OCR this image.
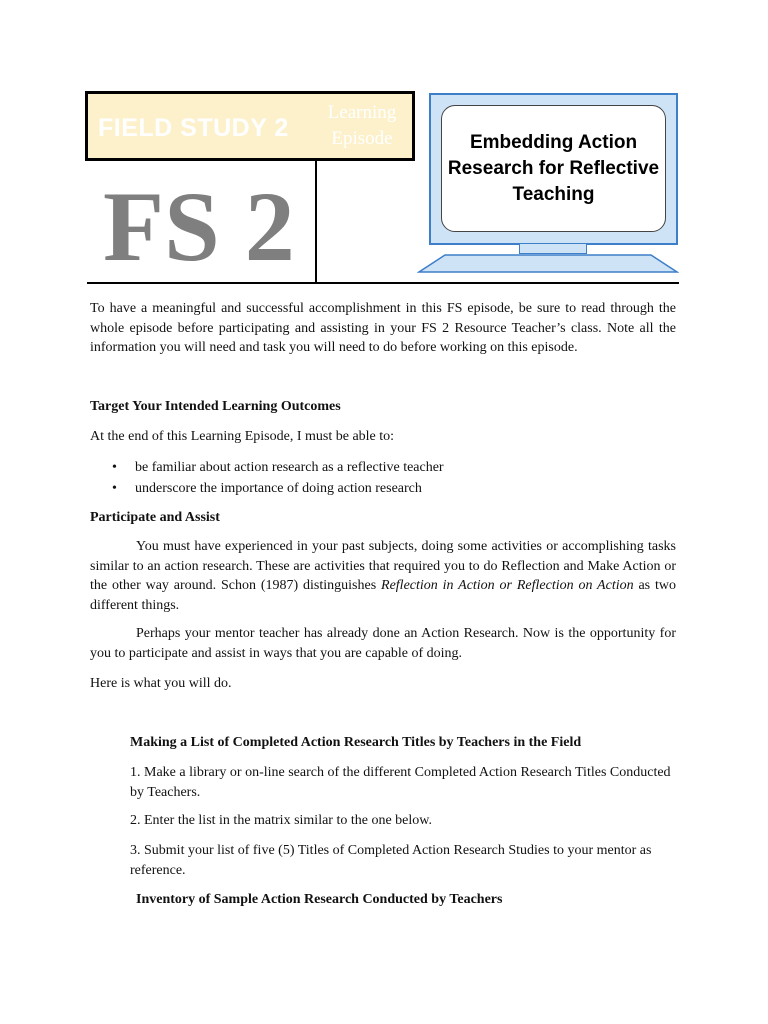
FIELD STUDY 2
Learning Episode
FS 2
Embedding Action Research for Reflective Teaching
To have a meaningful and successful accomplishment in this FS episode, be sure to read through the whole episode before participating and assisting in your FS 2 Resource Teacher’s class. Note all the information you will need and task you will need to do before working on this episode.
Target Your Intended Learning Outcomes
At the end of this Learning Episode, I must be able to:
• be familiar about action research as a reflective teacher
• underscore the importance of doing action research
Participate and Assist
You must have experienced in your past subjects, doing some activities or accomplishing tasks similar to an action research. These are activities that required you to do Reflection and Make Action or the other way around. Schon (1987) distinguishes Reflection in Action or Reflection on Action as two different things.
Perhaps your mentor teacher has already done an Action Research. Now is the opportunity for you to participate and assist in ways that you are capable of doing.
Here is what you will do.
Making a List of Completed Action Research Titles by Teachers in the Field
1. Make a library or on-line search of the different Completed Action Research Titles Conducted by Teachers.
2. Enter the list in the matrix similar to the one below.
3. Submit your list of five (5) Titles of Completed Action Research Studies to your mentor as reference.
Inventory of Sample Action Research Conducted by Teachers
